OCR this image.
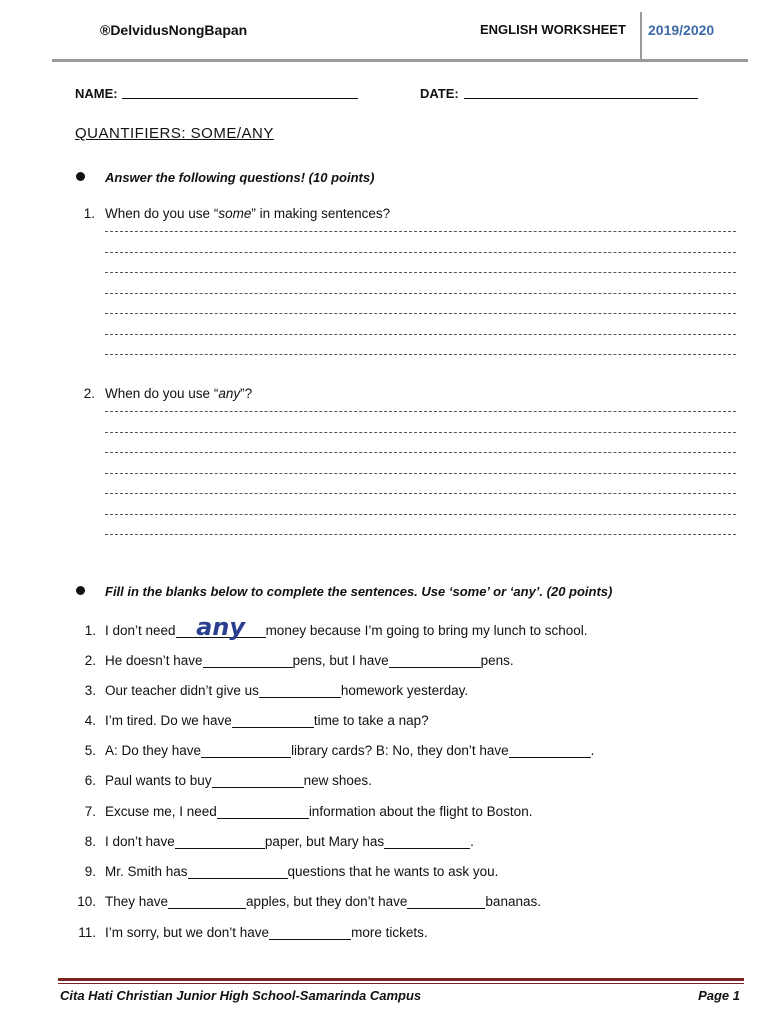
®DelvidusNongBapan	ENGLISH WORKSHEET 2019/2020
NAME:	DATE:
QUANTIFIERS: SOME/ANY
Answer the following questions! (10 points)
1. When do you use “some” in making sentences?
2. When do you use “any”?
Fill in the blanks below to complete the sentences. Use ‘some’ or ‘any’. (20 points)
1. I don’t need any	money because I’m going to bring my lunch to school.
2. He doesn’t have	pens, but I have	pens.
3. Our teacher didn’t give us	homework yesterday.
4. I’m tired. Do we have	time to take a nap?
5. A: Do they have	library cards? B: No, they don’t have	.
6. Paul wants to buy	new shoes.
7. Excuse me, I need	information about the flight to Boston.
8. I don’t have	paper, but Mary has	.
9. Mr. Smith has	questions that he wants to ask you.
10. They have	apples, but they don’t have	bananas.
11. I’m sorry, but we don’t have	more tickets.
Cita Hati Christian Junior High School-Samarinda Campus	Page 1
